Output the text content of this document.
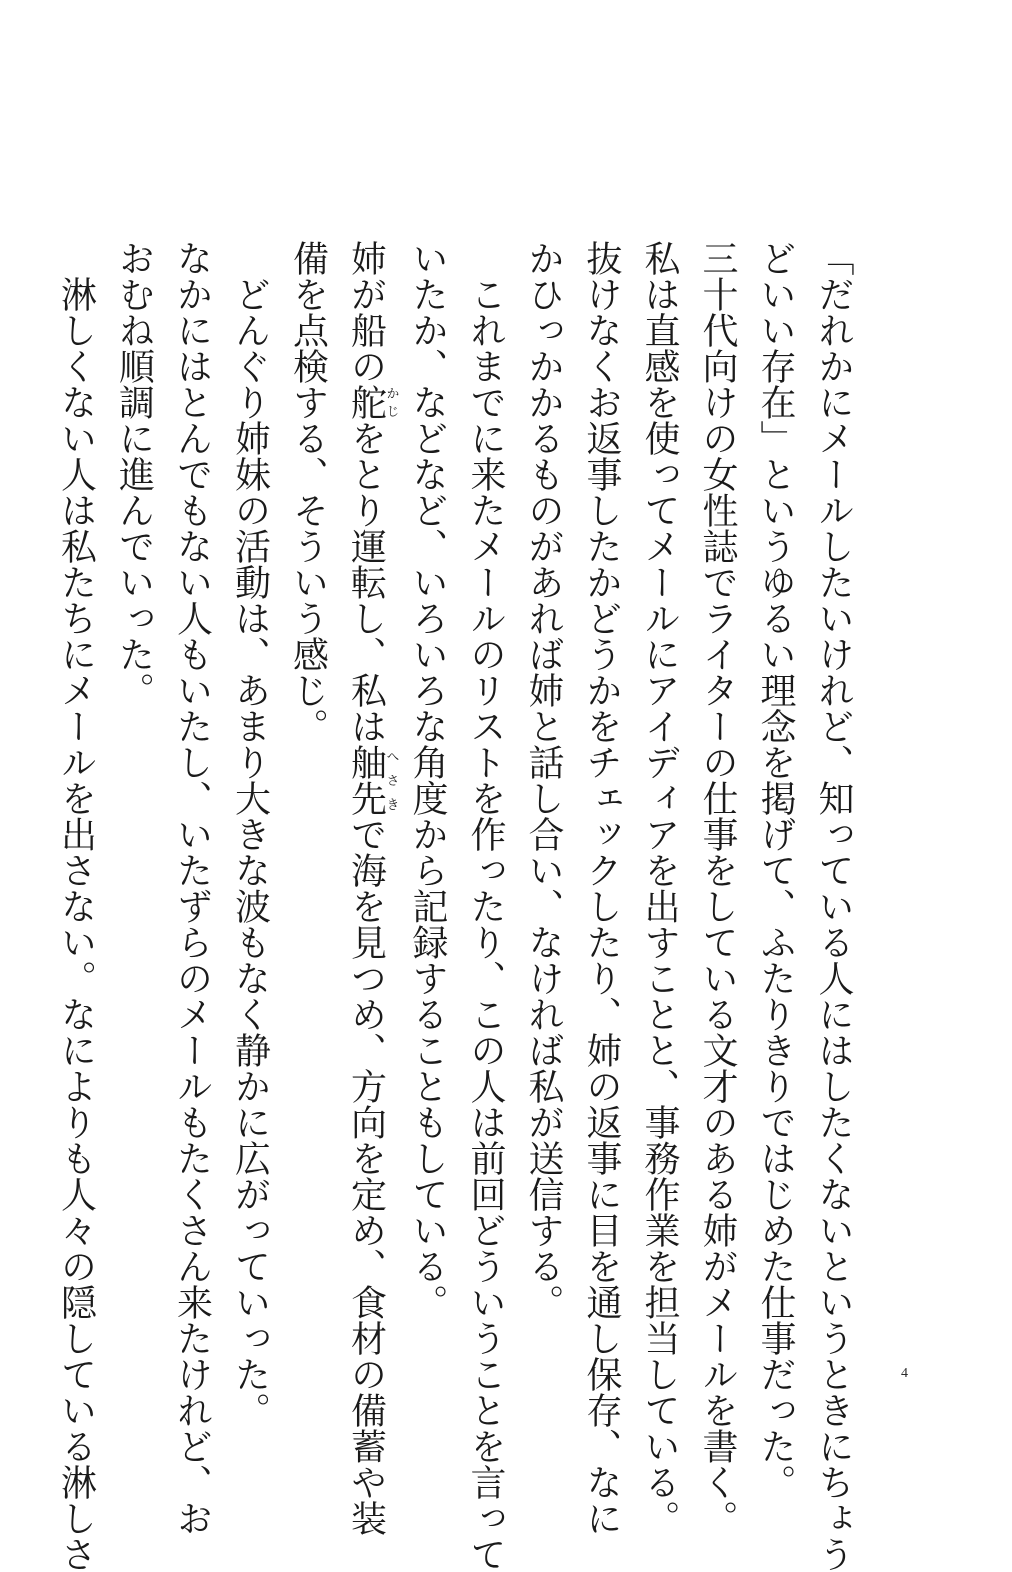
「だれかにメールしたいけれど、知っている人にはしたくないというときにちょう
どいい存在」というゆるい理念を掲げて、ふたりきりではじめた仕事だった。
三十代向けの女性誌でライターの仕事をしている文才のある姉がメールを書く。
私は直感を使ってメールにアイディアを出すことと、事務作業を担当している。
抜けなくお返事したかどうかをチェックしたり、姉の返事に目を通し保存、なに
かひっかかるものがあれば姉と話し合い、なければ私が送信する。
これまでに来たメールのリストを作ったり、この人は前回どういうことを言って
いたか、などなど、いろいろな角度から記録することもしている。
姉が船の舵かじをとり運転し、私は舳先へさきで海を見つめ、方向を定め、食材の備蓄や装
備を点検する、そういう感じ。
どんぐり姉妹の活動は、あまり大きな波もなく静かに広がっていった。
なかにはとんでもない人もいたし、いたずらのメールもたくさん来たけれど、お
おむね順調に進んでいった。
淋しくない人は私たちにメールを出さない。なによりも人々の隠している淋しさ	4
